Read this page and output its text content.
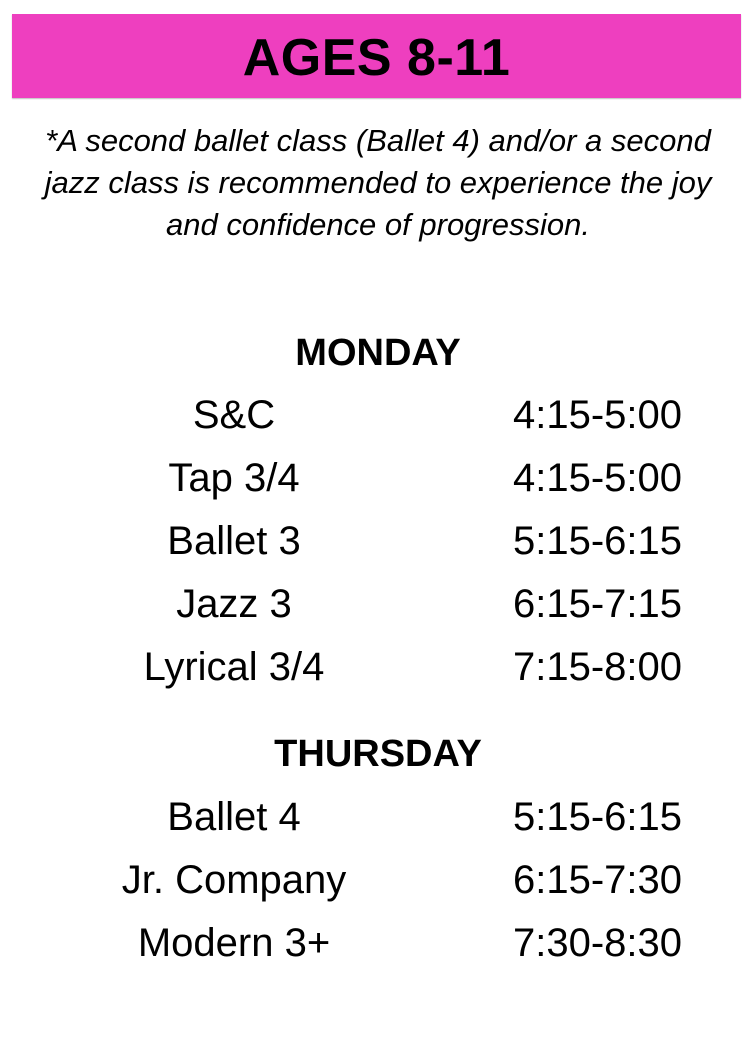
AGES 8-11
*A second ballet class (Ballet 4) and/or a second jazz class is recommended to experience the joy and confidence of progression.
MONDAY
S&C	4:15-5:00
Tap 3/4	4:15-5:00
Ballet 3	5:15-6:15
Jazz 3	6:15-7:15
Lyrical 3/4	7:15-8:00
THURSDAY
Ballet 4	5:15-6:15
Jr. Company	6:15-7:30
Modern 3+	7:30-8:30
